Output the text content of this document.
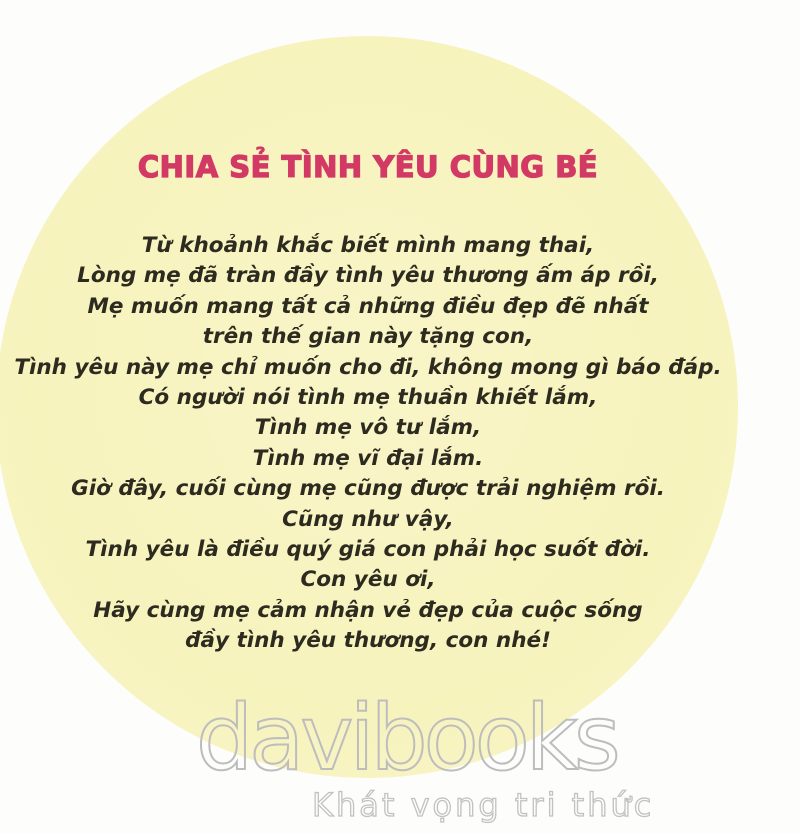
CHIA SẺ TÌNH YÊU CÙNG BÉ
Từ khoảnh khắc biết mình mang thai,
Lòng mẹ đã tràn đầy tình yêu thương ấm áp rồi,
Mẹ muốn mang tất cả những điều đẹp đẽ nhất
trên thế gian này tặng con,
Tình yêu này mẹ chỉ muốn cho đi, không mong gì báo đáp.
Có người nói tình mẹ thuần khiết lắm,
Tình mẹ vô tư lắm,
Tình mẹ vĩ đại lắm.
Giờ đây, cuối cùng mẹ cũng được trải nghiệm rồi.
Cũng như vậy,
Tình yêu là điều quý giá con phải học suốt đời.
Con yêu ơi,
Hãy cùng mẹ cảm nhận vẻ đẹp của cuộc sống
đầy tình yêu thương, con nhé!
davibooks
Khát vọng tri thức
